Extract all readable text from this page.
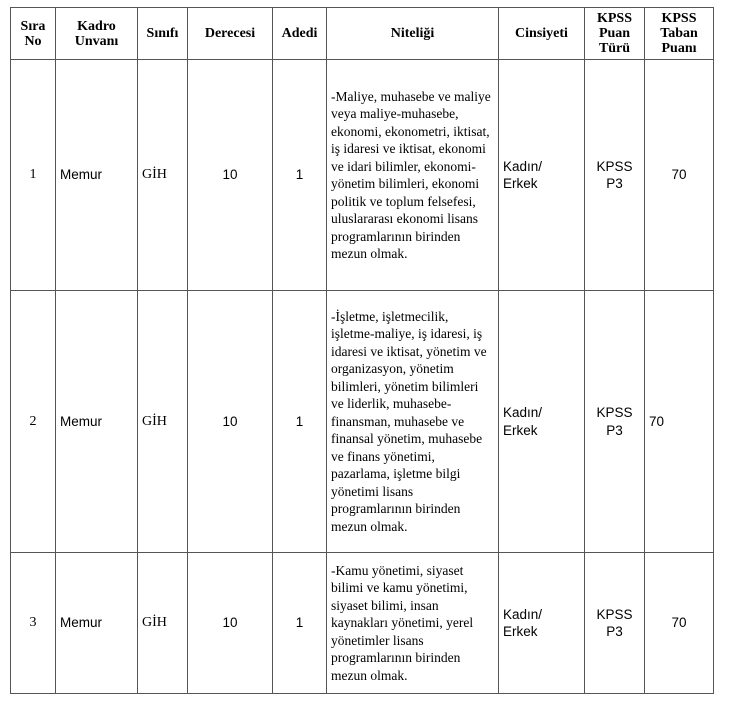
Sıra No	Kadro Unvanı	Sınıfı	Derecesi	Adedi	Niteliği	Cinsiyeti	KPSS Puan Türü	KPSS Taban Puanı
1	Memur	GİH	10	1	-Maliye, muhasebe ve maliye veya maliye-muhasebe, ekonomi, ekonometri, iktisat, iş idaresi ve iktisat, ekonomi ve idari bilimler, ekonomi-yönetim bilimleri, ekonomi politik ve toplum felsefesi, uluslararası ekonomi lisans programlarının birinden mezun olmak.	Kadın/ Erkek	KPSS P3	70
2	Memur	GİH	10	1	-İşletme, işletmecilik, işletme-maliye, iş idaresi, iş idaresi ve iktisat, yönetim ve organizasyon, yönetim bilimleri, yönetim bilimleri ve liderlik, muhasebe-finansman, muhasebe ve finansal yönetim, muhasebe ve finans yönetimi, pazarlama, işletme bilgi yönetimi lisans programlarının birinden mezun olmak.	Kadın/ Erkek	KPSS P3	70
3	Memur	GİH	10	1	-Kamu yönetimi, siyaset bilimi ve kamu yönetimi, siyaset bilimi, insan kaynakları yönetimi, yerel yönetimler lisans programlarının birinden mezun olmak.	Kadın/ Erkek	KPSS P3	70
